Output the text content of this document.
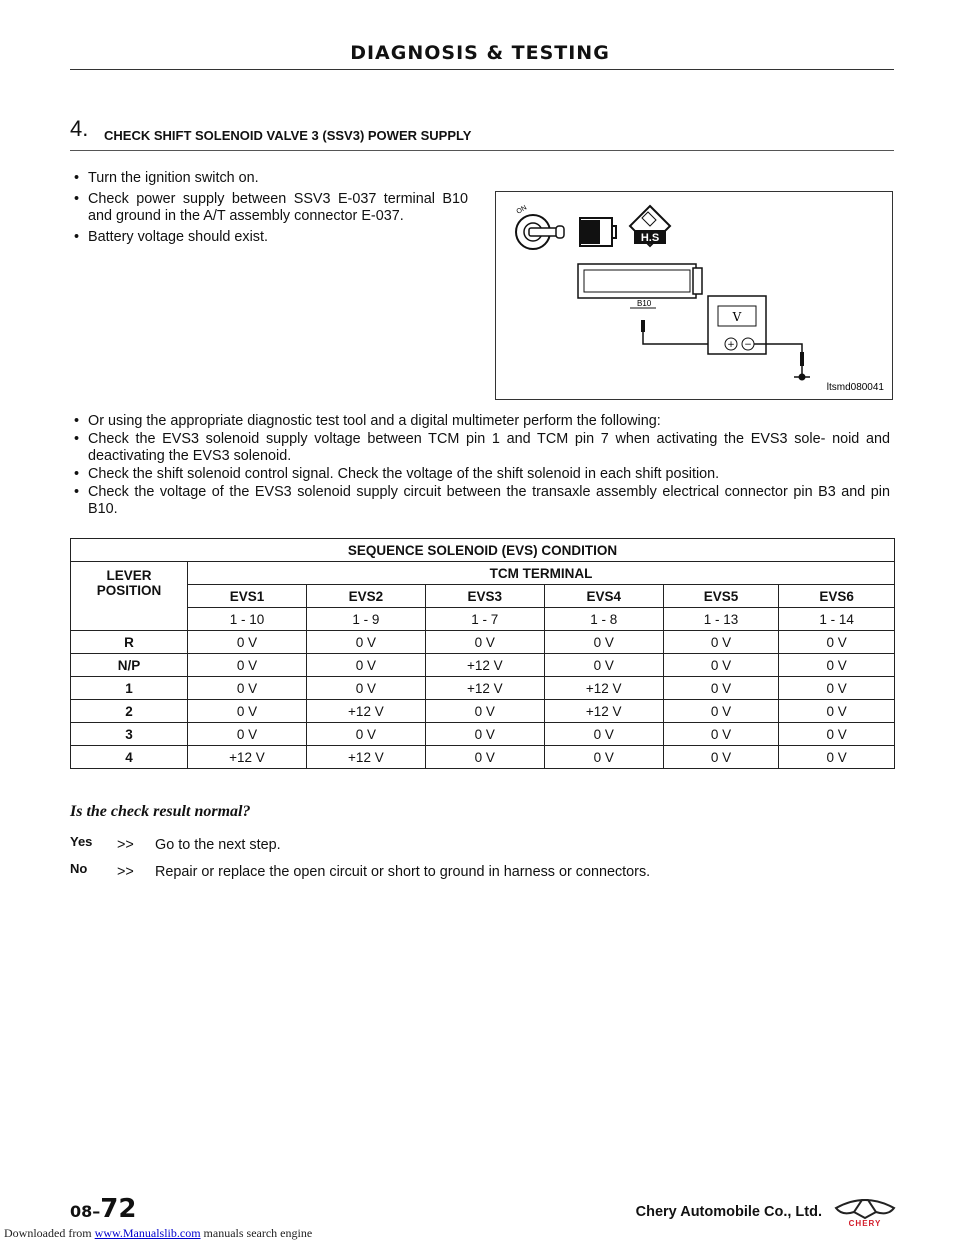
DIAGNOSIS & TESTING
4. CHECK SHIFT SOLENOID VALVE 3 (SSV3) POWER SUPPLY
• Turn the ignition switch on.
• Check power supply between SSV3 E-037 terminal B10 and ground in the A/T assembly connector E-037.
• Battery voltage should exist.
ON
H.S
B10
V
+ −
ltsmd080041
• Or using the appropriate diagnostic test tool and a digital multimeter perform the following:
• Check the EVS3 solenoid supply voltage between TCM pin 1 and TCM pin 7 when activating the EVS3 sole- noid and deactivating the EVS3 solenoid.
• Check the shift solenoid control signal. Check the voltage of the shift solenoid in each shift position.
• Check the voltage of the EVS3 solenoid supply circuit between the transaxle assembly electrical connector pin B3 and pin B10.
SEQUENCE SOLENOID (EVS) CONDITION						
LEVER POSITION	TCM TERMINAL					
	EVS1	EVS2	EVS3	EVS4	EVS5	EVS6
	1 - 10	1 - 9	1 - 7	1 - 8	1 - 13	1 - 14
R	0 V	0 V	0 V	0 V	0 V	0 V
N/P	0 V	0 V	+12 V	0 V	0 V	0 V
1	0 V	0 V	+12 V	+12 V	0 V	0 V
2	0 V	+12 V	0 V	+12 V	0 V	0 V
3	0 V	0 V	0 V	0 V	0 V	0 V
4	+12 V	+12 V	0 V	0 V	0 V	0 V
Is the check result normal?
Yes >> Go to the next step.
No >> Repair or replace the open circuit or short to ground in harness or connectors.
08–72	Chery Automobile Co., Ltd.
CHERY
Downloaded from www.Manualslib.com manuals search engine
